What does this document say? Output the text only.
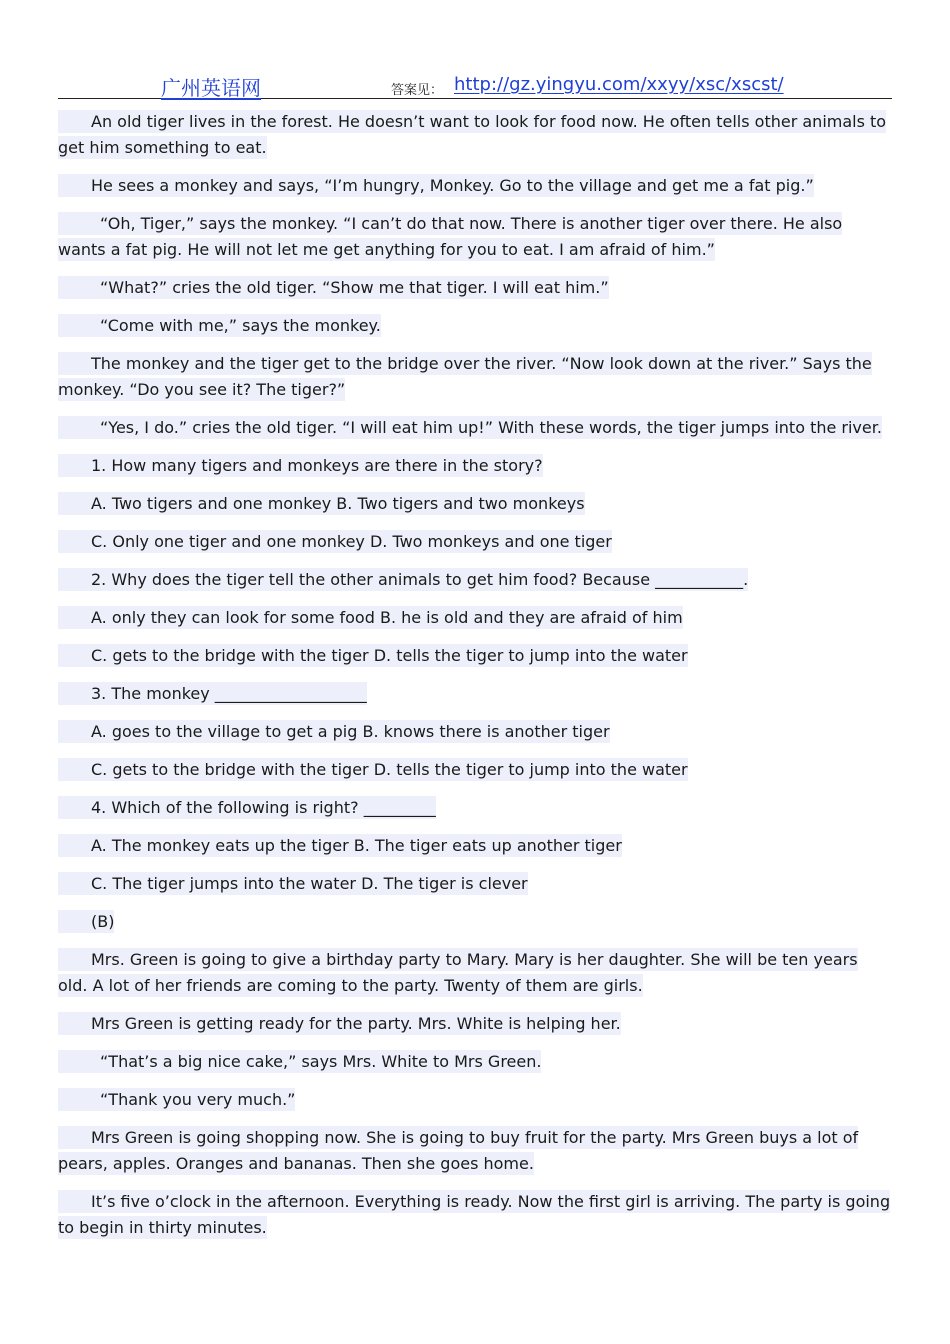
广州英语网	答案见： http://gz.yingyu.com/xxyy/xsc/xscst/

An old tiger lives in the forest. He doesn’t want to look for food now. He often tells other animals to get him something to eat.

He sees a monkey and says, “I’m hungry, Monkey. Go to the village and get me a fat pig.”

“Oh, Tiger,” says the monkey. “I can’t do that now. There is another tiger over there. He also wants a fat pig. He will not let me get anything for you to eat. I am afraid of him.”

“What?” cries the old tiger. “Show me that tiger. I will eat him.”

“Come with me,” says the monkey.

The monkey and the tiger get to the bridge over the river. “Now look down at the river.” Says the monkey. “Do you see it? The tiger?”

“Yes, I do.” cries the old tiger. “I will eat him up!” With these words, the tiger jumps into the river.

1. How many tigers and monkeys are there in the story?

A. Two tigers and one monkey B. Two tigers and two monkeys

C. Only one tiger and one monkey D. Two monkeys and one tiger

2. Why does the tiger tell the other animals to get him food? Because ___________.

A. only they can look for some food B. he is old and they are afraid of him

C. gets to the bridge with the tiger D. tells the tiger to jump into the water

3. The monkey ___________________

A. goes to the village to get a pig B. knows there is another tiger

C. gets to the bridge with the tiger D. tells the tiger to jump into the water

4. Which of the following is right? _________

A. The monkey eats up the tiger B. The tiger eats up another tiger

C. The tiger jumps into the water D. The tiger is clever

(B)

Mrs. Green is going to give a birthday party to Mary. Mary is her daughter. She will be ten years old. A lot of her friends are coming to the party. Twenty of them are girls.

Mrs Green is getting ready for the party. Mrs. White is helping her.

“That’s a big nice cake,” says Mrs. White to Mrs Green.

“Thank you very much.”

Mrs Green is going shopping now. She is going to buy fruit for the party. Mrs Green buys a lot of pears, apples. Oranges and bananas. Then she goes home.

It’s five o’clock in the afternoon. Everything is ready. Now the first girl is arriving. The party is going to begin in thirty minutes.
